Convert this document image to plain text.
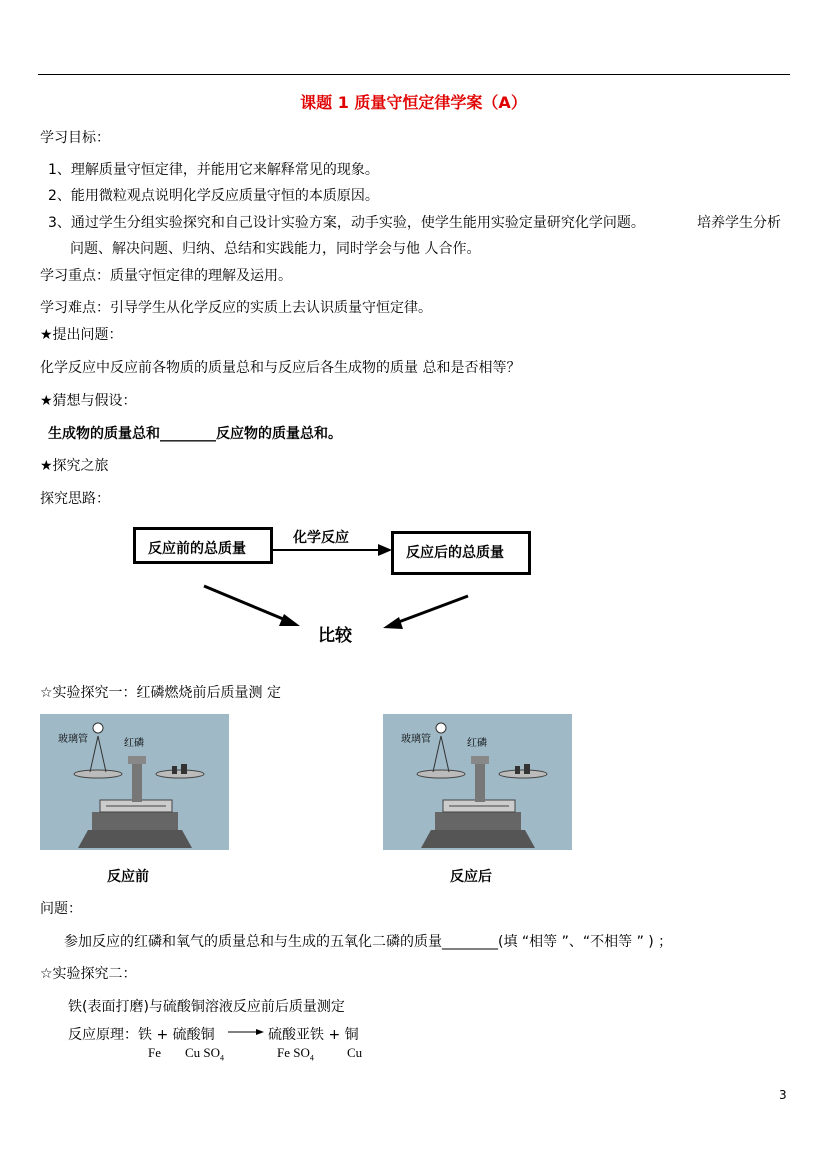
课题 1 质量守恒定律学案（A）
学习目标：
1、理解质量守恒定律，并能用它来解释常见的现象。
2、能用微粒观点说明化学反应质量守恒的本质原因。
3、通过学生分组实验探究和自己设计实验方案，动手实验，使学生能用实验定量研究化学问题。	培养学生分析
问题、解决问题、归纳、总结和实践能力，同时学会与他 人合作。
学习重点：质量守恒定律的理解及运用。
学习难点：引导学生从化学反应的实质上去认识质量守恒定律。
★提出问题：
化学反应中反应前各物质的质量总和与反应后各生成物的质量 总和是否相等？
★猜想与假设：
生成物的质量总和________反应物的质量总和。
★探究之旅
探究思路：
反应前的总质量
化学反应
反应后的总质量
比较
☆实验探究一：红磷燃烧前后质量测 定
玻璃管	红磷	玻璃管	红磷
反应前	反应后
问题：
参加反应的红磷和氧气的质量总和与生成的五氧化二磷的质量________(填 “相等 ”、“不相等 ” ) ；
☆实验探究二：
铁(表面打磨)与硫酸铜溶液反应前后质量测定
反应原理：铁 + 硫酸铜	硫酸亚铁 + 铜
Fe Cu $SO_4$	Fe $SO_4$	Cu
3
